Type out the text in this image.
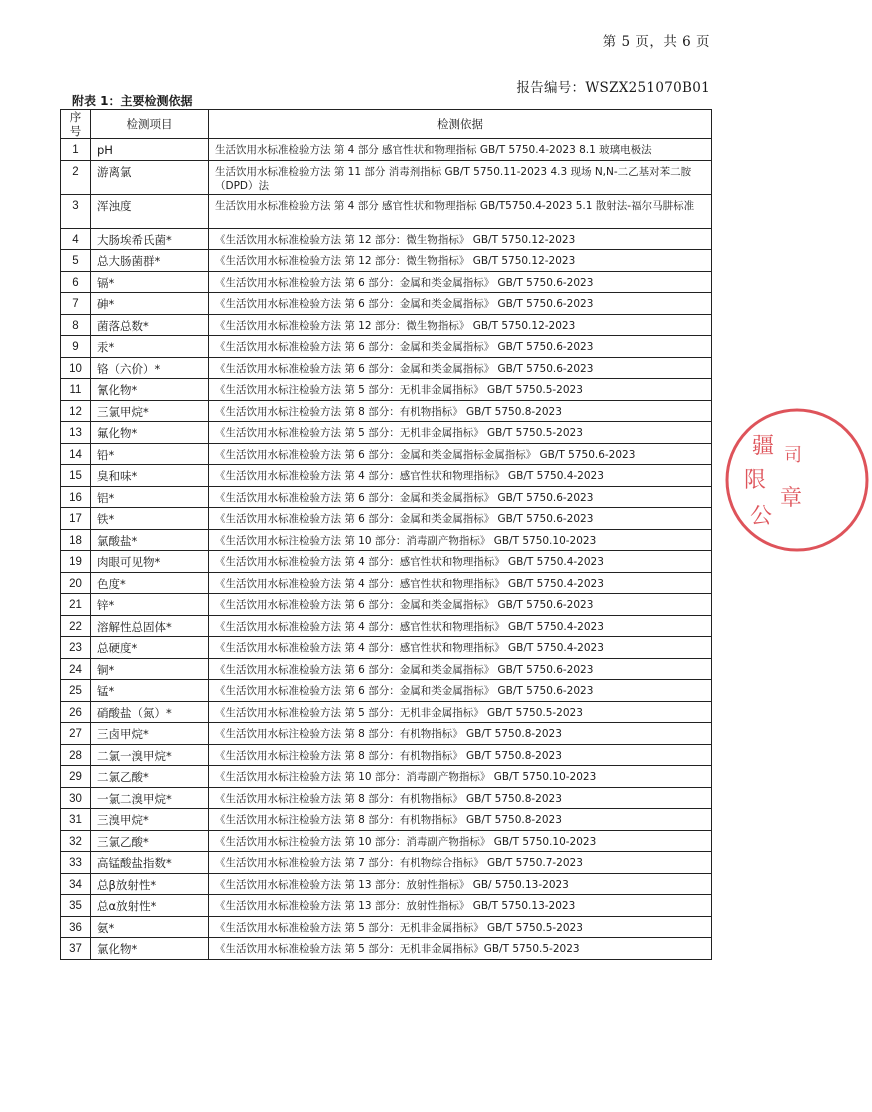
第 5 页，共 6 页
报告编号：WSZX251070B01
附表 1：主要检测依据
序号	检测项目	检测依据
1	pH	生活饮用水标准检验方法 第 4 部分 感官性状和物理指标 GB/T 5750.4-2023 8.1 玻璃电极法
2	游离氯	生活饮用水标准检验方法 第 11 部分 消毒剂指标 GB/T 5750.11-2023 4.3 现场 N,N-二乙基对苯二胺（DPD）法
3	浑浊度	生活饮用水标准检验方法 第 4 部分 感官性状和物理指标 GB/T5750.4-2023 5.1 散射法-福尔马肼标准
4	大肠埃希氏菌*	《生活饮用水标准检验方法 第 12 部分：微生物指标》 GB/T 5750.12-2023
5	总大肠菌群*	《生活饮用水标准检验方法 第 12 部分：微生物指标》 GB/T 5750.12-2023
6	镉*	《生活饮用水标准检验方法 第 6 部分：金属和类金属指标》 GB/T 5750.6-2023
7	砷*	《生活饮用水标准检验方法 第 6 部分：金属和类金属指标》 GB/T 5750.6-2023
8	菌落总数*	《生活饮用水标准检验方法 第 12 部分：微生物指标》 GB/T 5750.12-2023
9	汞*	《生活饮用水标准检验方法 第 6 部分：金属和类金属指标》 GB/T 5750.6-2023
10	铬（六价）*	《生活饮用水标准检验方法 第 6 部分：金属和类金属指标》 GB/T 5750.6-2023
11	氰化物*	《生活饮用水标注检验方法 第 5 部分：无机非金属指标》 GB/T 5750.5-2023
12	三氯甲烷*	《生活饮用水标注检验方法 第 8 部分：有机物指标》 GB/T 5750.8-2023
13	氟化物*	《生活饮用水标准检验方法 第 5 部分：无机非金属指标》 GB/T 5750.5-2023
14	铅*	《生活饮用水标准检验方法 第 6 部分：金属和类金属指标金属指标》 GB/T 5750.6-2023
15	臭和味*	《生活饮用水标准检验方法 第 4 部分：感官性状和物理指标》 GB/T 5750.4-2023
16	铝*	《生活饮用水标准检验方法 第 6 部分：金属和类金属指标》 GB/T 5750.6-2023
17	铁*	《生活饮用水标准检验方法 第 6 部分：金属和类金属指标》 GB/T 5750.6-2023
18	氯酸盐*	《生活饮用水标注检验方法 第 10 部分：消毒副产物指标》 GB/T 5750.10-2023
19	肉眼可见物*	《生活饮用水标准检验方法 第 4 部分：感官性状和物理指标》 GB/T 5750.4-2023
20	色度*	《生活饮用水标准检验方法 第 4 部分：感官性状和物理指标》 GB/T 5750.4-2023
21	锌*	《生活饮用水标准检验方法 第 6 部分：金属和类金属指标》 GB/T 5750.6-2023
22	溶解性总固体*	《生活饮用水标准检验方法 第 4 部分：感官性状和物理指标》 GB/T 5750.4-2023
23	总硬度*	《生活饮用水标准检验方法 第 4 部分：感官性状和物理指标》 GB/T 5750.4-2023
24	铜*	《生活饮用水标准检验方法 第 6 部分：金属和类金属指标》 GB/T 5750.6-2023
25	锰*	《生活饮用水标准检验方法 第 6 部分：金属和类金属指标》 GB/T 5750.6-2023
26	硝酸盐（氮）*	《生活饮用水标准检验方法 第 5 部分：无机非金属指标》 GB/T 5750.5-2023
27	三卤甲烷*	《生活饮用水标注检验方法 第 8 部分：有机物指标》 GB/T 5750.8-2023
28	二氯一溴甲烷*	《生活饮用水标注检验方法 第 8 部分：有机物指标》 GB/T 5750.8-2023
29	二氯乙酸*	《生活饮用水标注检验方法 第 10 部分：消毒副产物指标》 GB/T 5750.10-2023
30	一氯二溴甲烷*	《生活饮用水标注检验方法 第 8 部分：有机物指标》 GB/T 5750.8-2023
31	三溴甲烷*	《生活饮用水标注检验方法 第 8 部分：有机物指标》 GB/T 5750.8-2023
32	三氯乙酸*	《生活饮用水标注检验方法 第 10 部分：消毒副产物指标》 GB/T 5750.10-2023
33	高锰酸盐指数*	《生活饮用水标准检验方法 第 7 部分：有机物综合指标》 GB/T 5750.7-2023
34	总β放射性*	《生活饮用水标准检验方法 第 13 部分：放射性指标》 GB/ 5750.13-2023
35	总α放射性*	《生活饮用水标准检验方法 第 13 部分：放射性指标》 GB/T 5750.13-2023
36	氨*	《生活饮用水标准检验方法 第 5 部分：无机非金属指标》 GB/T 5750.5-2023
37	氯化物*	《生活饮用水标准检验方法 第 5 部分：无机非金属指标》GB/T 5750.5-2023
疆
限
公
司
章
